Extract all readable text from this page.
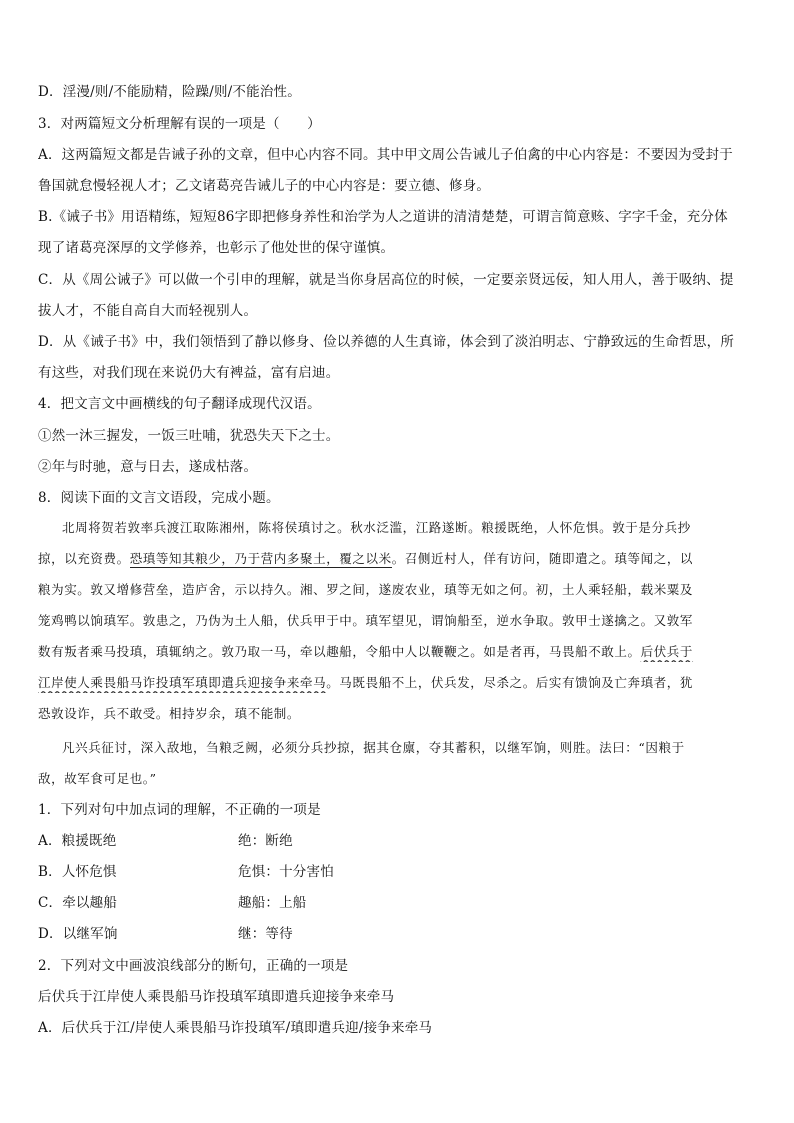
D．淫漫/则/不能励精，险躁/则/不能治性。
3．对两篇短文分析理解有误的一项是（　　）
A．这两篇短文都是告诫子孙的文章，但中心内容不同。其中甲文周公告诫儿子伯禽的中心内容是：不要因为受封于
鲁国就怠慢轻视人才；乙文诸葛亮告诫儿子的中心内容是：要立德、修身。
B.《诫子书》用语精练，短短86字即把修身养性和治学为人之道讲的清清楚楚，可谓言简意赅、字字千金，充分体
现了诸葛亮深厚的文学修养，也彰示了他处世的保守谨慎。
C．从《周公诫子》可以做一个引申的理解，就是当你身居高位的时候，一定要亲贤远佞，知人用人，善于吸纳、提
拔人才，不能自高自大而轻视别人。
D．从《诫子书》中，我们领悟到了静以修身、俭以养德的人生真谛，体会到了淡泊明志、宁静致远的生命哲思，所
有这些，对我们现在来说仍大有裨益，富有启迪。
4．把文言文中画横线的句子翻译成现代汉语。
①然一沐三握发，一饭三吐哺，犹恐失天下之士。
②年与时驰，意与日去，遂成枯落。
8．阅读下面的文言文语段，完成小题。
北周将贺若敦率兵渡江取陈湘州，陈将侯瑱讨之。秋水泛滥，江路遂断。粮援既绝，人怀危惧。敦于是分兵抄
掠，以充资费。恐瑱等知其粮少，乃于营内多聚土，覆之以米。召侧近村人，佯有访问，随即遣之。瑱等闻之，以
粮为实。敦又增修营垒，造庐舍，示以持久。湘、罗之间，遂废农业，瑱等无如之何。初，土人乘轻船，载米粟及
笼鸡鸭以饷瑱军。敦患之，乃伪为土人船，伏兵甲于中。瑱军望见，谓饷船至，逆水争取。敦甲士遂擒之。又敦军
数有叛者乘马投瑱，瑱辄纳之。敦乃取一马，牵以趣船，令船中人以鞭鞭之。如是者再，马畏船不敢上。后伏兵于
江岸使人乘畏船马诈投瑱军瑱即遣兵迎接争来牵马。马既畏船不上，伏兵发，尽杀之。后实有馈饷及亡奔瑱者，犹
恐敦设诈，兵不敢受。相持岁余，瑱不能制。
凡兴兵征讨，深入敌地，刍粮乏阙，必须分兵抄掠，据其仓廪，夺其蓄积，以继军饷，则胜。法曰：“因粮于
敌，故军食可足也。”
1．下列对句中加点词的理解，不正确的一项是
A．粮援既绝	绝：断绝
B．人怀危惧	危惧：十分害怕
C．牵以趣船	趣船：上船
D．以继军饷	继：等待
2．下列对文中画波浪线部分的断句，正确的一项是
后伏兵于江岸使人乘畏船马诈投瑱军瑱即遣兵迎接争来牵马
A．后伏兵于江/岸使人乘畏船马诈投瑱军/瑱即遣兵迎/接争来牵马
